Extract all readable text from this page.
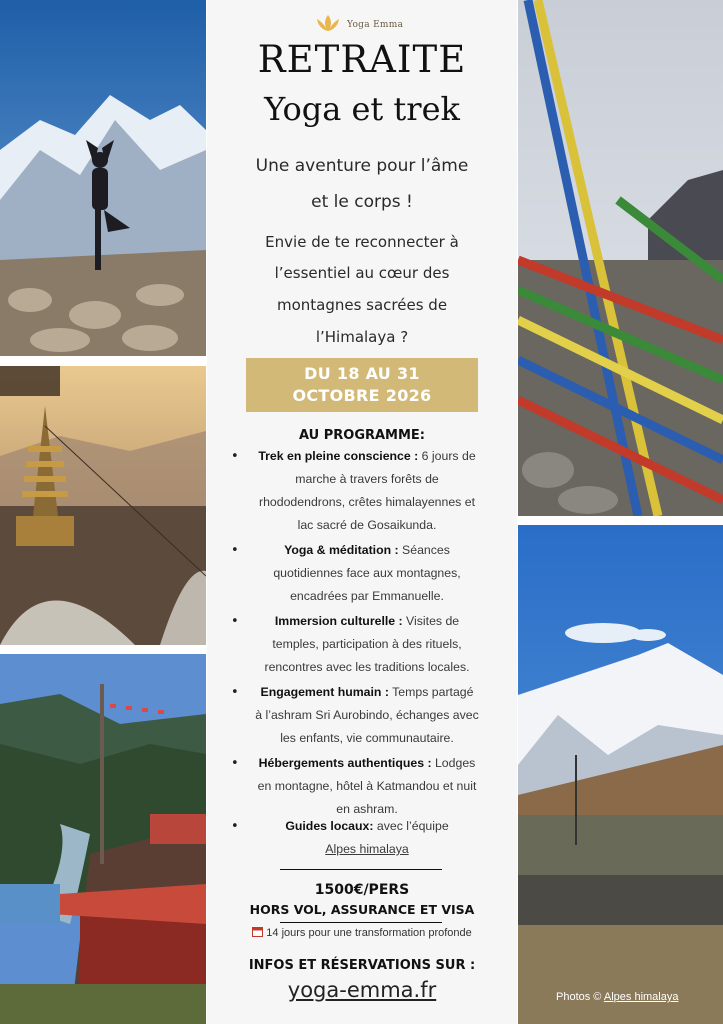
Photos © Alpes himalaya
Yoga Emma
RETRAITE
Yoga et trek
Une aventure pour l’âme
et le corps !
Envie de te reconnecter à
l’essentiel au cœur des
montagnes sacrées de
l’Himalaya ?
DU 18 AU 31
OCTOBRE 2026
AU PROGRAMME:
•	Trek en pleine conscience : 6 jours de
marche à travers forêts de
rhododendrons, crêtes himalayennes et
lac sacré de Gosaikunda.
•	Yoga & méditation : Séances
quotidiennes face aux montagnes,
encadrées par Emmanuelle.
•	Immersion culturelle : Visites de
temples, participation à des rituels,
rencontres avec les traditions locales.
•	Engagement humain : Temps partagé
à l’ashram Sri Aurobindo, échanges avec
les enfants, vie communautaire.
•	Hébergements authentiques : Lodges
en montagne, hôtel à Katmandou et nuit
en ashram.
•	Guides locaux: avec l’équipe
Alpes himalaya
1500€/PERS
HORS VOL, ASSURANCE ET VISA
14 jours pour une transformation profonde
INFOS ET RÉSERVATIONS SUR :
yoga-emma.fr
